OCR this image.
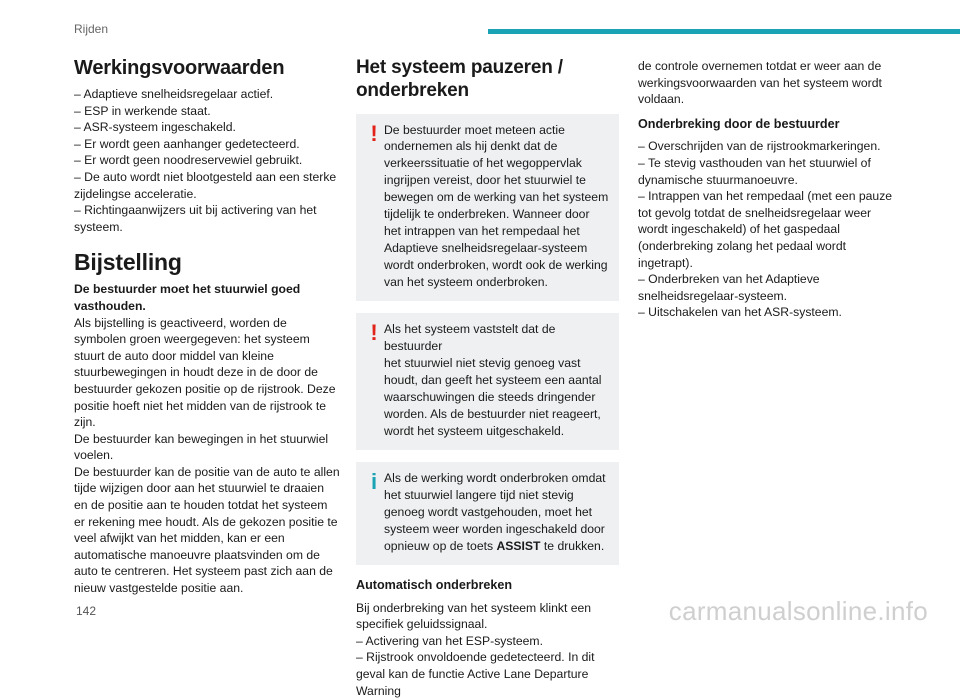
Rijden
Werkingsvoorwaarden

– Adaptieve snelheidsregelaar actief.

– ESP in werkende staat.

– ASR-systeem ingeschakeld.

– Er wordt geen aanhanger gedetecteerd.

– Er wordt geen noodreservewiel gebruikt.

– De auto wordt niet blootgesteld aan een sterke zijdelingse acceleratie.

– Richtingaanwijzers uit bij activering van het systeem.

Bijstelling

De bestuurder moet het stuurwiel goed vasthouden.

Als bijstelling is geactiveerd, worden de symbolen groen weergegeven: het systeem stuurt de auto door middel van kleine stuurbewegingen in houdt deze in de door de bestuurder gekozen positie op de rijstrook. Deze positie hoeft niet het midden van de rijstrook te zijn.

De bestuurder kan bewegingen in het stuurwiel voelen.

De bestuurder kan de positie van de auto te allen tijde wijzigen door aan het stuurwiel te draaien en de positie aan te houden totdat het systeem er rekening mee houdt. Als de gekozen positie te veel afwijkt van het midden, kan er een automatische manoeuvre plaatsvinden om de auto te centreren. Het systeem past zich aan de nieuw vastgestelde positie aan.

Het systeem pauzeren / onderbreken
! De bestuurder moet meteen actie

ondernemen als hij denkt dat de verkeerssituatie of het wegoppervlak ingrijpen vereist, door het stuurwiel te bewegen om de werking van het systeem tijdelijk te onderbreken. Wanneer door het intrappen van het rempedaal het Adaptieve snelheidsregelaar-systeem wordt onderbroken, wordt ook de werking van het systeem onderbroken.

! Als het systeem vaststelt dat de bestuurder

het stuurwiel niet stevig genoeg vast houdt, dan geeft het systeem een aantal waarschuwingen die steeds dringender worden. Als de bestuurder niet reageert, wordt het systeem uitgeschakeld.

i Als de werking wordt onderbroken omdat

het stuurwiel langere tijd niet stevig genoeg wordt vastgehouden, moet het systeem weer worden ingeschakeld door opnieuw op de toets ASSIST te drukken.

Automatisch onderbreken

Bij onderbreking van het systeem klinkt een specifiek geluidssignaal.

– Activering van het ESP-systeem.

– Rijstrook onvoldoende gedetecteerd. In dit geval kan de functie Active Lane Departure Warning

de controle overnemen totdat er weer aan de werkingsvoorwaarden van het systeem wordt voldaan.

Onderbreking door de bestuurder

– Overschrijden van de rijstrookmarkeringen.

– Te stevig vasthouden van het stuurwiel of dynamische stuurmanoeuvre.

– Intrappen van het rempedaal (met een pauze tot gevolg totdat de snelheidsregelaar weer wordt ingeschakeld) of het gaspedaal (onderbreking zolang het pedaal wordt ingetrapt).

– Onderbreken van het Adaptieve snelheidsregelaar-systeem.

– Uitschakelen van het ASR-systeem.

142	carmanualsonline.info
